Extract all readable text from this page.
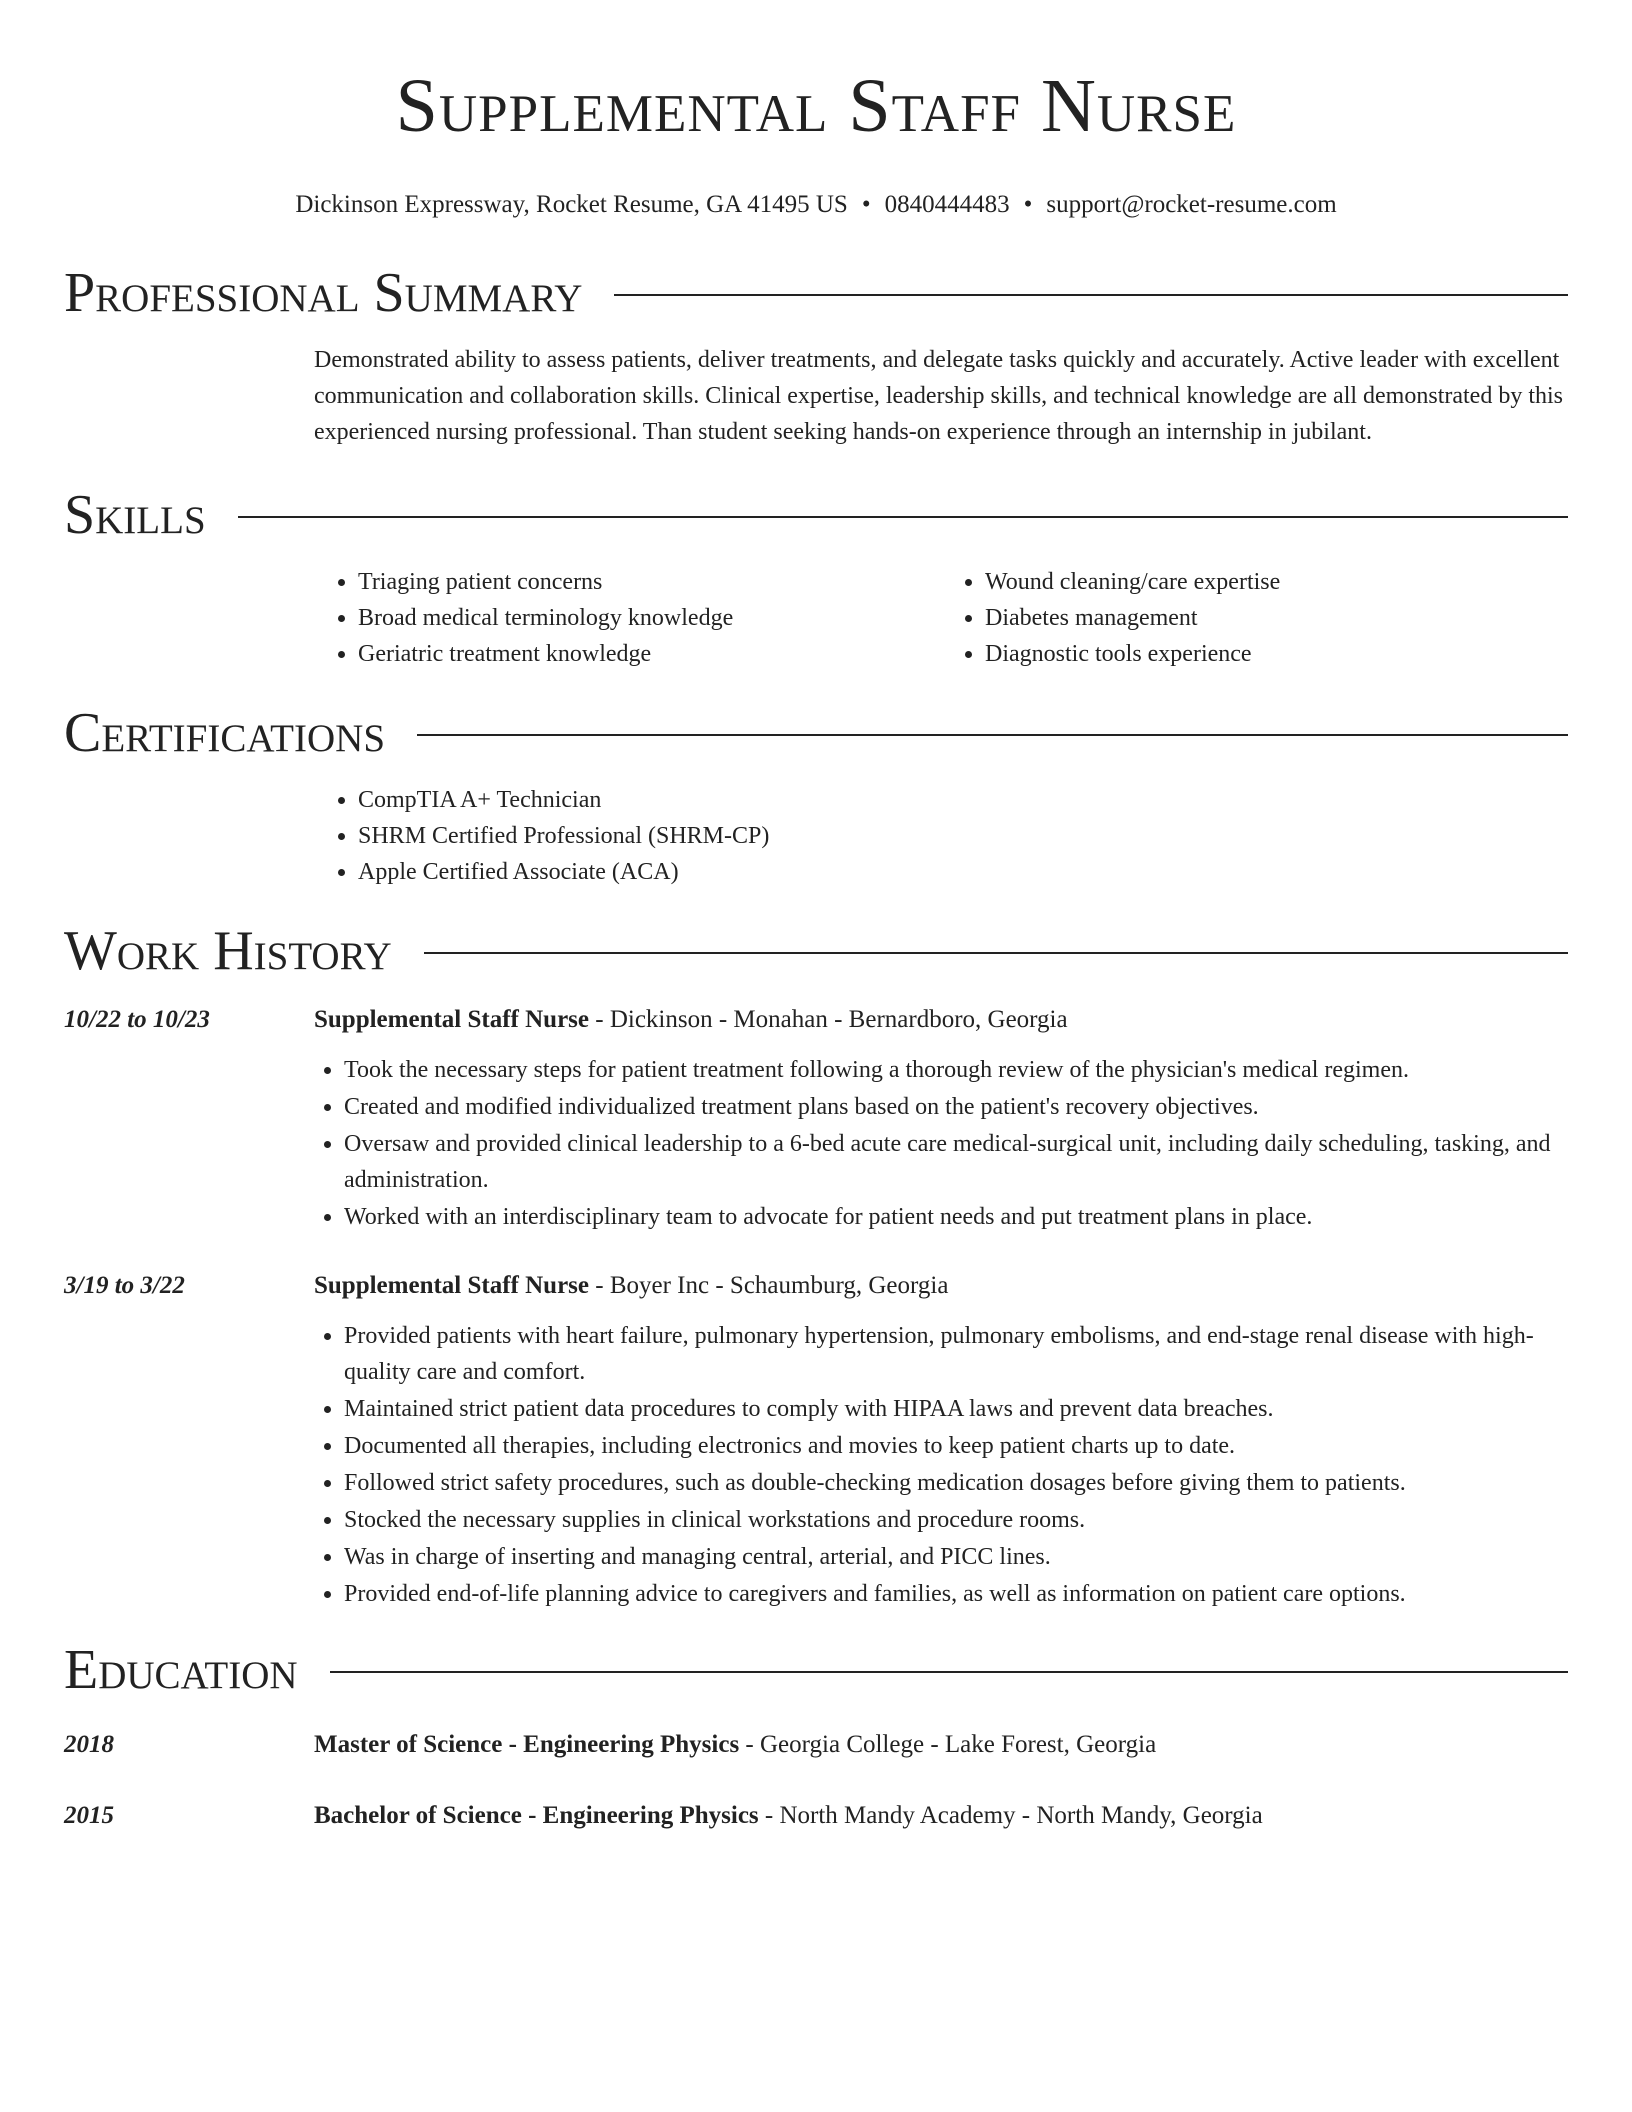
Supplemental Staff Nurse
Dickinson Expressway, Rocket Resume, GA 41495 US • 0840444483 • support@rocket-resume.com
Professional Summary
Demonstrated ability to assess patients, deliver treatments, and delegate tasks quickly and accurately. Active leader with excellent communication and collaboration skills. Clinical expertise, leadership skills, and technical knowledge are all demonstrated by this experienced nursing professional. Than student seeking hands-on experience through an internship in jubilant.
Skills
• Triaging patient concerns
• Broad medical terminology knowledge
• Geriatric treatment knowledge
• Wound cleaning/care expertise
• Diabetes management
• Diagnostic tools experience
Certifications
• CompTIA A+ Technician
• SHRM Certified Professional (SHRM-CP)
• Apple Certified Associate (ACA)
Work History
10/22 to 10/23	Supplemental Staff Nurse - Dickinson - Monahan - Bernardboro, Georgia
• Took the necessary steps for patient treatment following a thorough review of the physician's medical regimen.
• Created and modified individualized treatment plans based on the patient's recovery objectives.
• Oversaw and provided clinical leadership to a 6-bed acute care medical-surgical unit, including daily scheduling, tasking, and administration.
• Worked with an interdisciplinary team to advocate for patient needs and put treatment plans in place.
3/19 to 3/22	Supplemental Staff Nurse - Boyer Inc - Schaumburg, Georgia
• Provided patients with heart failure, pulmonary hypertension, pulmonary embolisms, and end-stage renal disease with high-quality care and comfort.
• Maintained strict patient data procedures to comply with HIPAA laws and prevent data breaches.
• Documented all therapies, including electronics and movies to keep patient charts up to date.
• Followed strict safety procedures, such as double-checking medication dosages before giving them to patients.
• Stocked the necessary supplies in clinical workstations and procedure rooms.
• Was in charge of inserting and managing central, arterial, and PICC lines.
• Provided end-of-life planning advice to caregivers and families, as well as information on patient care options.
Education
2018	Master of Science - Engineering Physics - Georgia College - Lake Forest, Georgia
2015	Bachelor of Science - Engineering Physics - North Mandy Academy - North Mandy, Georgia
